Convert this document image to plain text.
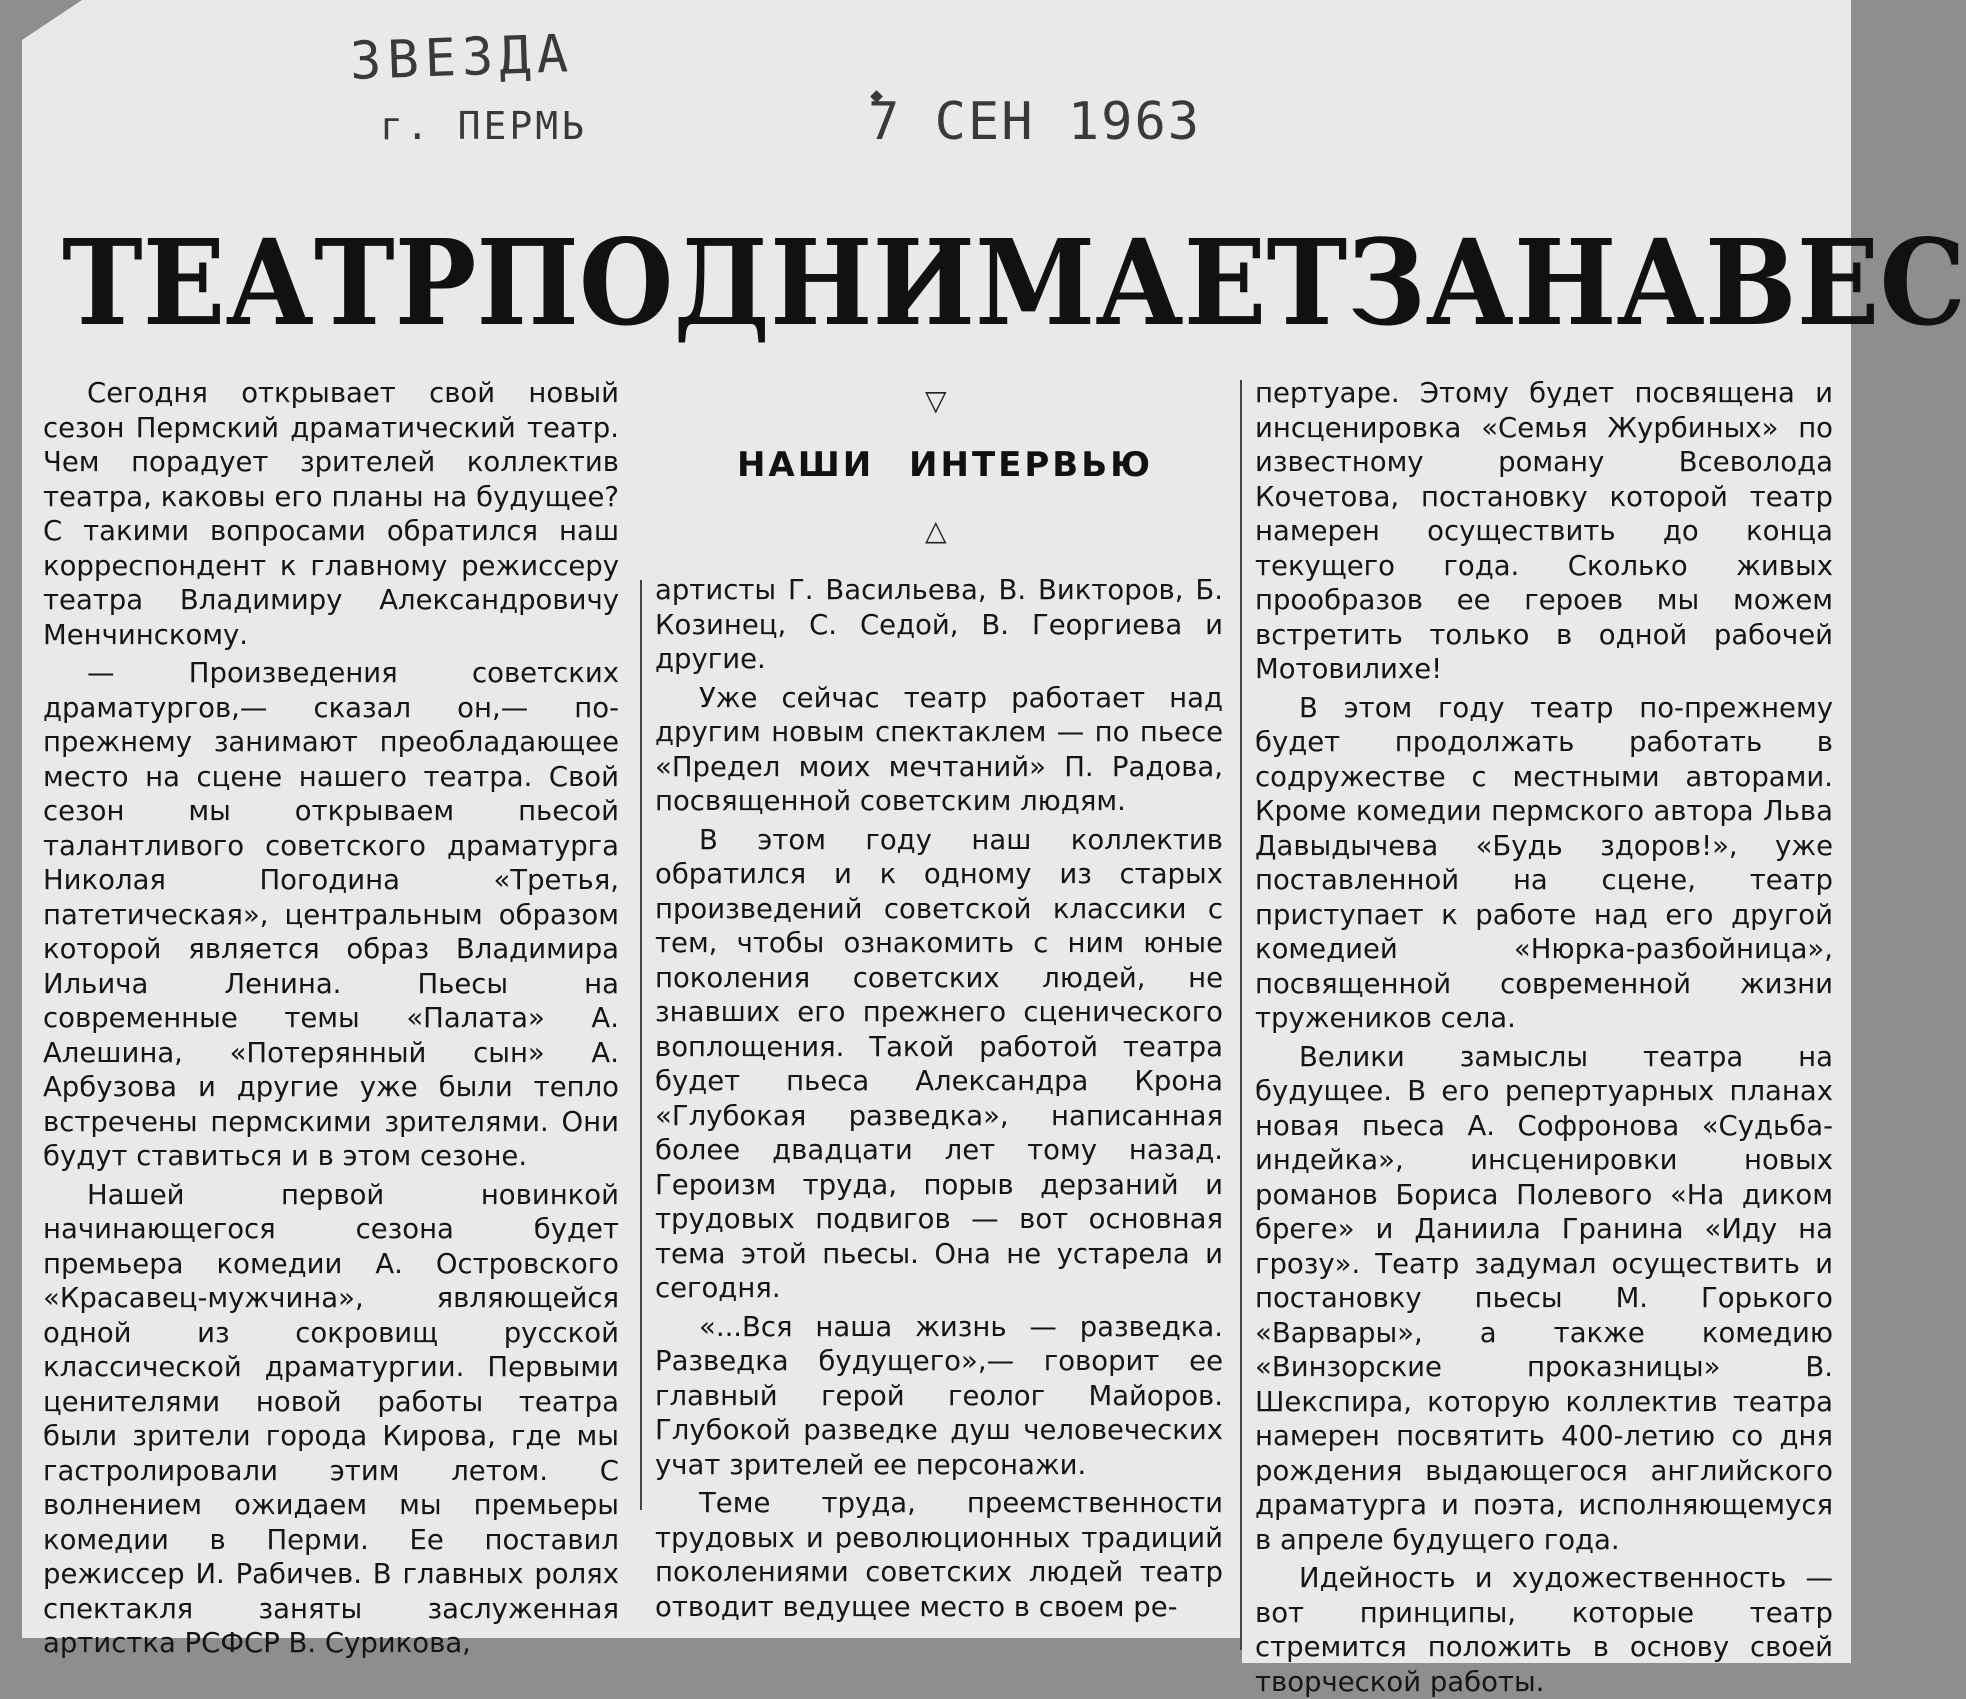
ЗВЕЗДА
г. ПЕРМЬ	7 СЕН 1963
ТЕАТР ПОДНИМАЕТ ЗАНАВЕС
▽
НАШИ ИНТЕРВЬЮ
△

Сегодня открывает свой новый сезон Пермский драматический театр. Чем порадует зрителей коллектив театра, каковы его планы на будущее? С такими вопросами обратился наш корреспондент к главному режиссеру театра Владимиру Александровичу Менчинскому.

— Произведения советских драматургов,— сказал он,— по-прежнему занимают преобладающее место на сцене нашего театра. Свой сезон мы открываем пьесой талантливого советского драматурга Николая Погодина «Третья, патетическая», центральным образом которой является образ Владимира Ильича Ленина. Пьесы на современные темы «Палата» А. Алешина, «Потерянный сын» А. Арбузова и другие уже были тепло встречены пермскими зрителями. Они будут ставиться и в этом сезоне.

Нашей первой новинкой начинающегося сезона будет премьера комедии А. Островского «Красавец-мужчина», являющейся одной из сокровищ русской классической драматургии. Первыми ценителями новой работы театра были зрители города Кирова, где мы гастролировали этим летом. С волнением ожидаем мы премьеры комедии в Перми. Ее поставил режиссер И. Рабичев. В главных ролях спектакля заняты заслуженная артистка РСФСР В. Сурикова,

артисты Г. Васильева, В. Викторов, Б. Козинец, С. Седой, В. Георгиева и другие.

Уже сейчас театр работает над другим новым спектаклем — по пьесе «Предел моих мечтаний» П. Радова, посвященной советским людям.

В этом году наш коллектив обратился и к одному из старых произведений советской классики с тем, чтобы ознакомить с ним юные поколения советских людей, не знавших его прежнего сценического воплощения. Такой работой театра будет пьеса Александра Крона «Глубокая разведка», написанная более двадцати лет тому назад. Героизм труда, порыв дерзаний и трудовых подвигов — вот основная тема этой пьесы. Она не устарела и сегодня.

«...Вся наша жизнь — разведка. Разведка будущего»,— говорит ее главный герой геолог Майоров. Глубокой разведке душ человеческих учат зрителей ее персонажи.

Теме труда, преемственности трудовых и революционных традиций поколениями советских людей театр отводит ведущее место в своем ре-

пертуаре. Этому будет посвящена и инсценировка «Семья Журбиных» по известному роману Всеволода Кочетова, постановку которой театр намерен осуществить до конца текущего года. Сколько живых прообразов ее героев мы можем встретить только в одной рабочей Мотовилихе!

В этом году театр по-прежнему будет продолжать работать в содружестве с местными авторами. Кроме комедии пермского автора Льва Давыдычева «Будь здоров!», уже поставленной на сцене, театр приступает к работе над его другой комедией «Нюрка-разбойница», посвященной современной жизни тружеников села.

Велики замыслы театра на будущее. В его репертуарных планах новая пьеса А. Софронова «Судьба-индейка», инсценировки новых романов Бориса Полевого «На диком бреге» и Даниила Гранина «Иду на грозу». Театр задумал осуществить и постановку пьесы М. Горького «Варвары», а также комедию «Винзорские проказницы» В. Шекспира, которую коллектив театра намерен посвятить 400-летию со дня рождения выдающегося английского драматурга и поэта, исполняющемуся в апреле будущего года.

Идейность и художественность — вот принципы, которые театр стремится положить в основу своей творческой работы.
